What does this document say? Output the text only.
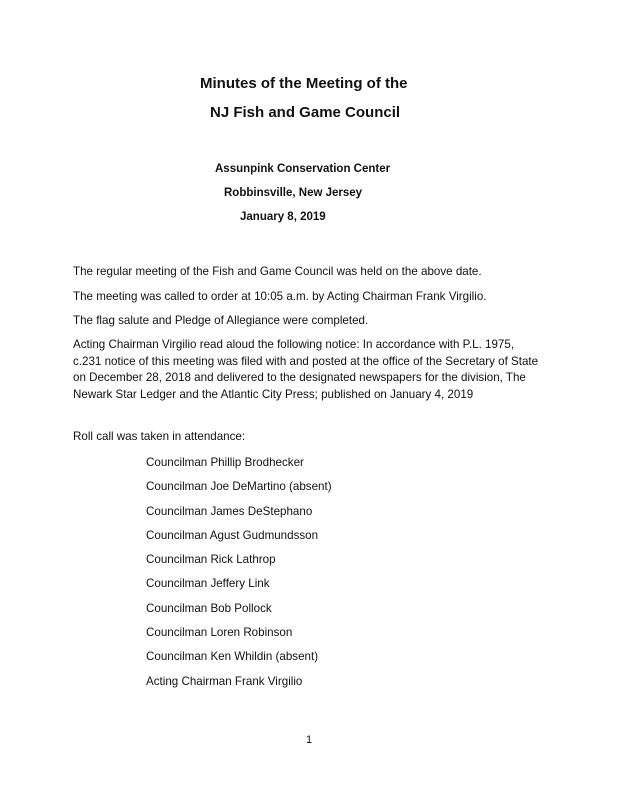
Minutes of the Meeting of the
NJ Fish and Game Council
Assunpink Conservation Center
Robbinsville, New Jersey
January 8, 2019
The regular meeting of the Fish and Game Council was held on the above date.
The meeting was called to order at 10:05 a.m. by Acting Chairman Frank Virgilio.
The flag salute and Pledge of Allegiance were completed.
Acting Chairman Virgilio read aloud the following notice: In accordance with P.L. 1975, c.231 notice of this meeting was filed with and posted at the office of the Secretary of State on December 28, 2018 and delivered to the designated newspapers for the division, The Newark Star Ledger and the Atlantic City Press; published on January 4, 2019
Roll call was taken in attendance:
Councilman Phillip Brodhecker
Councilman Joe DeMartino (absent)
Councilman James DeStephano
Councilman Agust Gudmundsson
Councilman Rick Lathrop
Councilman Jeffery Link
Councilman Bob Pollock
Councilman Loren Robinson
Councilman Ken Whildin (absent)
Acting Chairman Frank Virgilio
1
